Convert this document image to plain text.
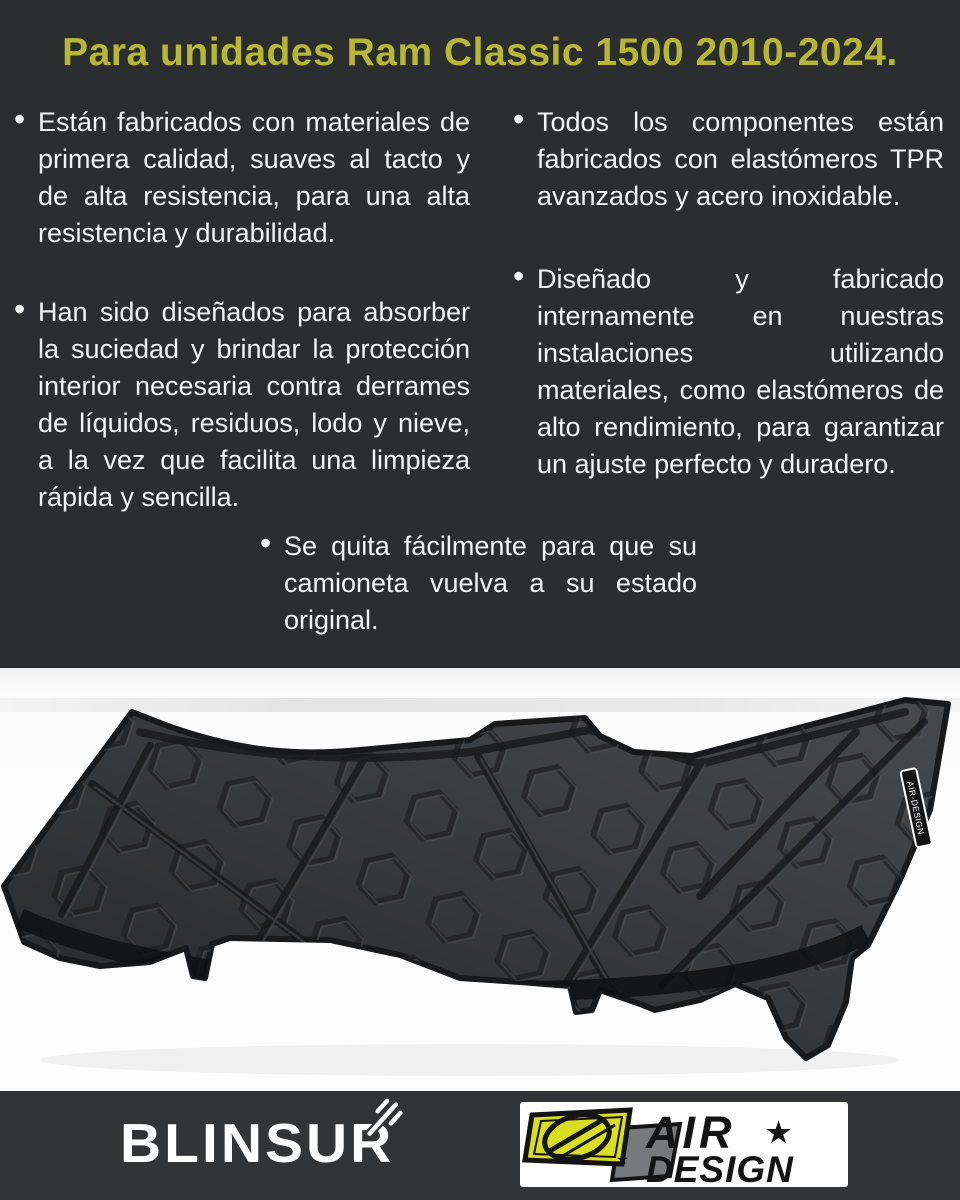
Para unidades Ram Classic 1500 2010-2024.
• Están fabricados con materiales de primera calidad, suaves al tacto y de alta resistencia, para una alta resistencia y durabilidad.
• Han sido diseñados para absorber la suciedad y brindar la protección interior necesaria contra derrames de líquidos, residuos, lodo y nieve, a la vez que facilita una limpieza rápida y sencilla.
• Todos los componentes están fabricados con elastómeros TPR avanzados y acero inoxidable.
• Diseñado y fabricado internamente en nuestras instalaciones utilizando materiales, como elastómeros de alto rendimiento, para garantizar un ajuste perfecto y duradero.
• Se quita fácilmente para que su camioneta vuelva a su estado original.
AIR-DESIGN
BLINSUR	★
AIR ★
DESIGN
